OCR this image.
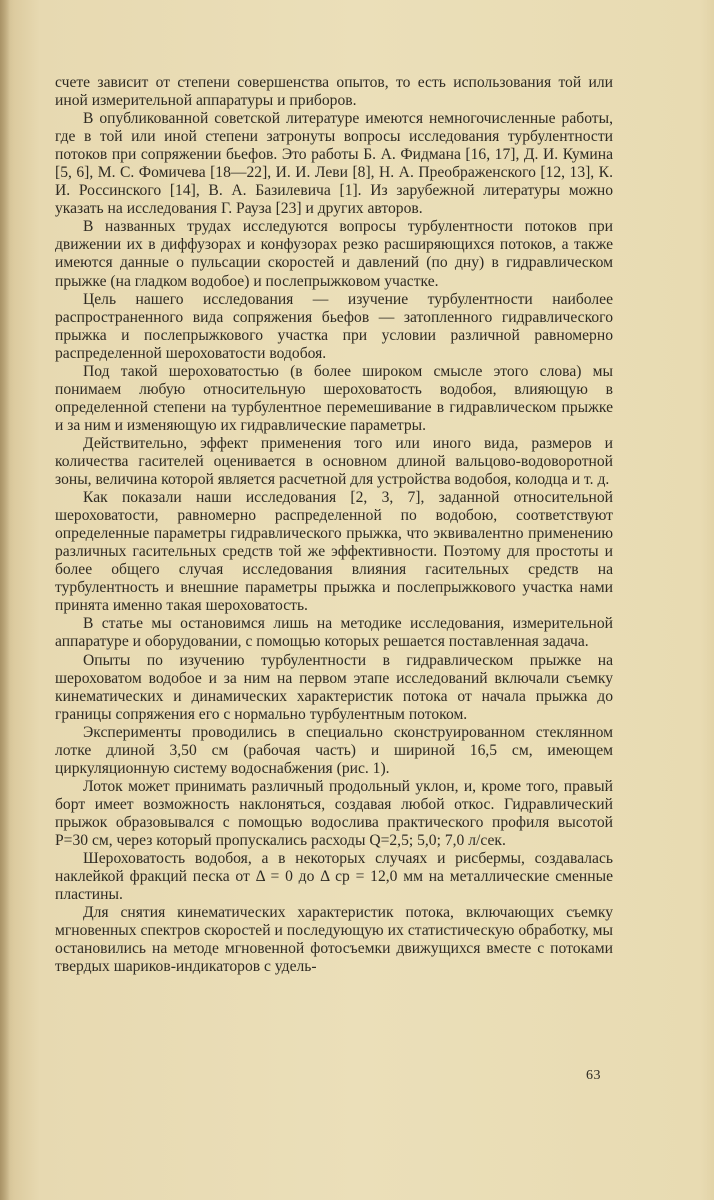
счете зависит от степени совершенства опытов, то есть использования той или иной измерительной аппаратуры и приборов.

В опубликованной советской литературе имеются немногочисленные работы, где в той или иной степени затронуты вопросы исследования турбулентности потоков при сопряжении бьефов. Это работы Б. А. Фидмана [16, 17], Д. И. Кумина [5, 6], М. С. Фомичева [18—22], И. И. Леви [8], Н. А. Преображенского [12, 13], К. И. Россинского [14], В. А. Базилевича [1]. Из зарубежной литературы можно указать на исследования Г. Рауза [23] и других авторов.

В названных трудах исследуются вопросы турбулентности потоков при движении их в диффузорах и конфузорах резко расширяющихся потоков, а также имеются данные о пульсации скоростей и давлений (по дну) в гидравлическом прыжке (на гладком водобое) и послепрыжковом участке.

Цель нашего исследования — изучение турбулентности наиболее распространенного вида сопряжения бьефов — затопленного гидравлического прыжка и послепрыжкового участка при условии различной равномерно распределенной шероховатости водобоя.

Под такой шероховатостью (в более широком смысле этого слова) мы понимаем любую относительную шероховатость водобоя, влияющую в определенной степени на турбулентное перемешивание в гидравлическом прыжке и за ним и изменяющую их гидравлические параметры.

Действительно, эффект применения того или иного вида, размеров и количества гасителей оценивается в основном длиной вальцово-водоворотной зоны, величина которой является расчетной для устройства водобоя, колодца и т. д.

Как показали наши исследования [2, 3, 7], заданной относительной шероховатости, равномерно распределенной по водобою, соответствуют определенные параметры гидравлического прыжка, что эквивалентно применению различных гасительных средств той же эффективности. Поэтому для простоты и более общего случая исследования влияния гасительных средств на турбулентность и внешние параметры прыжка и послепрыжкового участка нами принята именно такая шероховатость.

В статье мы остановимся лишь на методике исследования, измерительной аппаратуре и оборудовании, с помощью которых решается поставленная задача.

Опыты по изучению турбулентности в гидравлическом прыжке на шероховатом водобое и за ним на первом этапе исследований включали съемку кинематических и динамических характеристик потока от начала прыжка до границы сопряжения его с нормально турбулентным потоком.

Эксперименты проводились в специально сконструированном стеклянном лотке длиной 3,50 см (рабочая часть) и шириной 16,5 см, имеющем циркуляционную систему водоснабжения (рис. 1).

Лоток может принимать различный продольный уклон, и, кроме того, правый борт имеет возможность наклоняться, создавая любой откос. Гидравлический прыжок образовывался с помощью водослива практического профиля высотой P=30 см, через который пропускались расходы Q=2,5; 5,0; 7,0 л/сек.

Шероховатость водобоя, а в некоторых случаях и рисбермы, создавалась наклейкой фракций песка от Δ = 0 до Δ ср = 12,0 мм на металлические сменные пластины.

Для снятия кинематических характеристик потока, включающих съемку мгновенных спектров скоростей и последующую их статистическую обработку, мы остановились на методе мгновенной фотосъемки движущихся вместе с потоками твердых шариков-индикаторов с удель-

63
